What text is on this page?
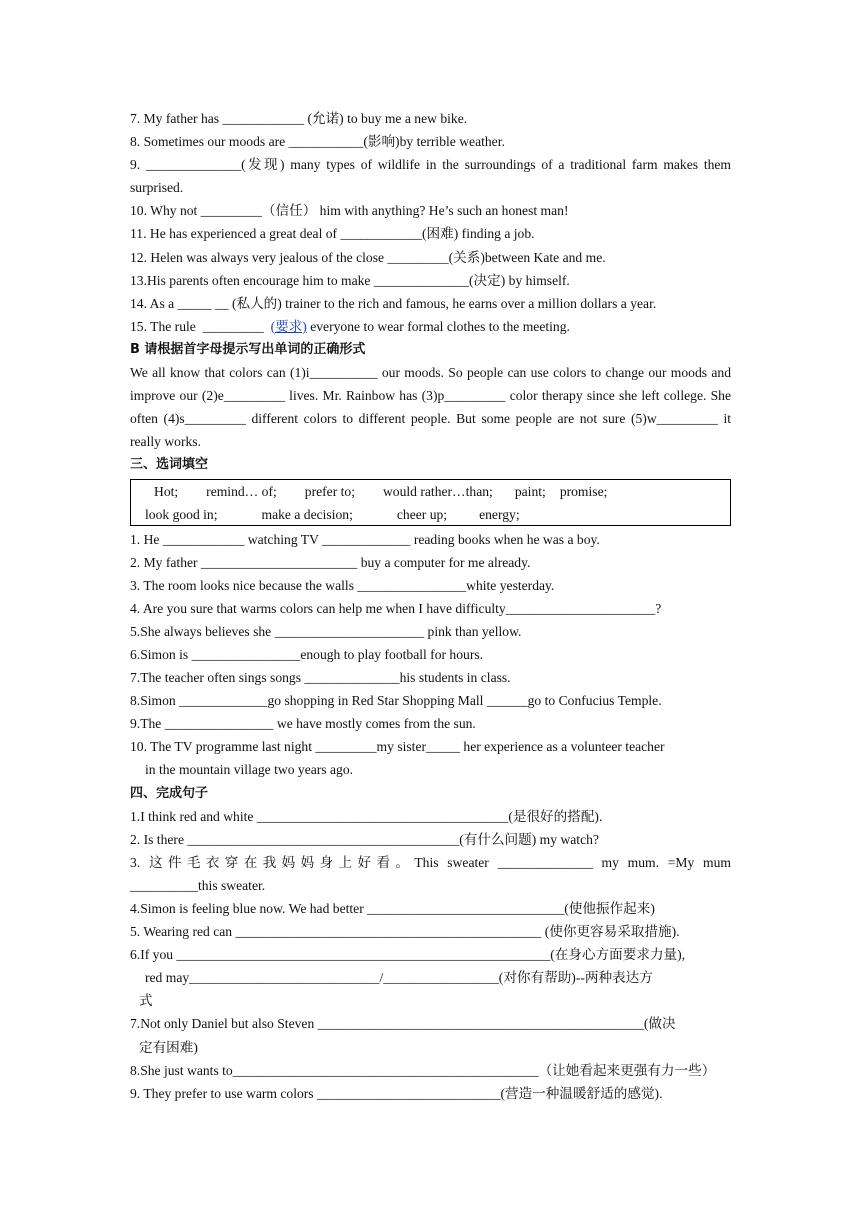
7. My father has ____________ (允诺) to buy me a new bike.
8. Sometimes our moods are ___________(影响)by terrible weather.
9. ______________(发现) many types of wildlife in the surroundings of a traditional farm makes them surprised.
10. Why not _________（信任） him with anything? He’s such an honest man!
11. He has experienced a great deal of ____________(困难) finding a job.
12. Helen was always very jealous of the close _________(关系)between Kate and me.
13.His parents often encourage him to make ______________(决定) by himself.
14. As a _____ __ (私人的) trainer to the rich and famous, he earns over a million dollars a year.
15. The rule  _________  (要求) everyone to wear formal clothes to the meeting.
B 请根据首字母提示写出单词的正确形式
We all know that colors can (1)i__________ our moods. So people can use colors to change our moods and improve our (2)e_________ lives. Mr. Rainbow has (3)p_________ color therapy since she left college. She often (4)s_________ different colors to different people. But some people are not sure (5)w_________ it really works.
三、选词填空
Hot; remind… of; prefer to; would rather…than; paint; promise;
look good in;	make a decision;	cheer up; energy;
1. He ____________ watching TV _____________ reading books when he was a boy.
2. My father _______________________ buy a computer for me already.
3. The room looks nice because the walls ________________white yesterday.
4. Are you sure that warms colors can help me when I have difficulty______________________?
5.She always believes she ______________________ pink than yellow.
6.Simon is ________________enough to play football for hours.
7.The teacher often sings songs ______________his students in class.
8.Simon _____________go shopping in Red Star Shopping Mall ______go to Confucius Temple.
9.The ________________ we have mostly comes from the sun.
10. The TV programme last night _________my sister_____ her experience as a volunteer teacher
in the mountain village two years ago.
四、完成句子
1.I think red and white _____________________________________(是很好的搭配).
2. Is there ________________________________________(有什么问题) my watch?
3. 这件毛衣穿在我妈妈身上好看。This sweater ______________ my mum. =My mum
__________this sweater.
4.Simon is feeling blue now. We had better _____________________________(使他振作起来)
5. Wearing red can _____________________________________________ (使你更容易采取措施).
6.If you _______________________________________________________(在身心方面要求力量),
red may____________________________/_________________(对你有帮助)--两种表达方
式
7.Not only Daniel but also Steven ________________________________________________(做决
定有困难)
8.She just wants to_____________________________________________（让她看起来更强有力一些）
9. They prefer to use warm colors ___________________________(营造一种温暖舒适的感觉).
